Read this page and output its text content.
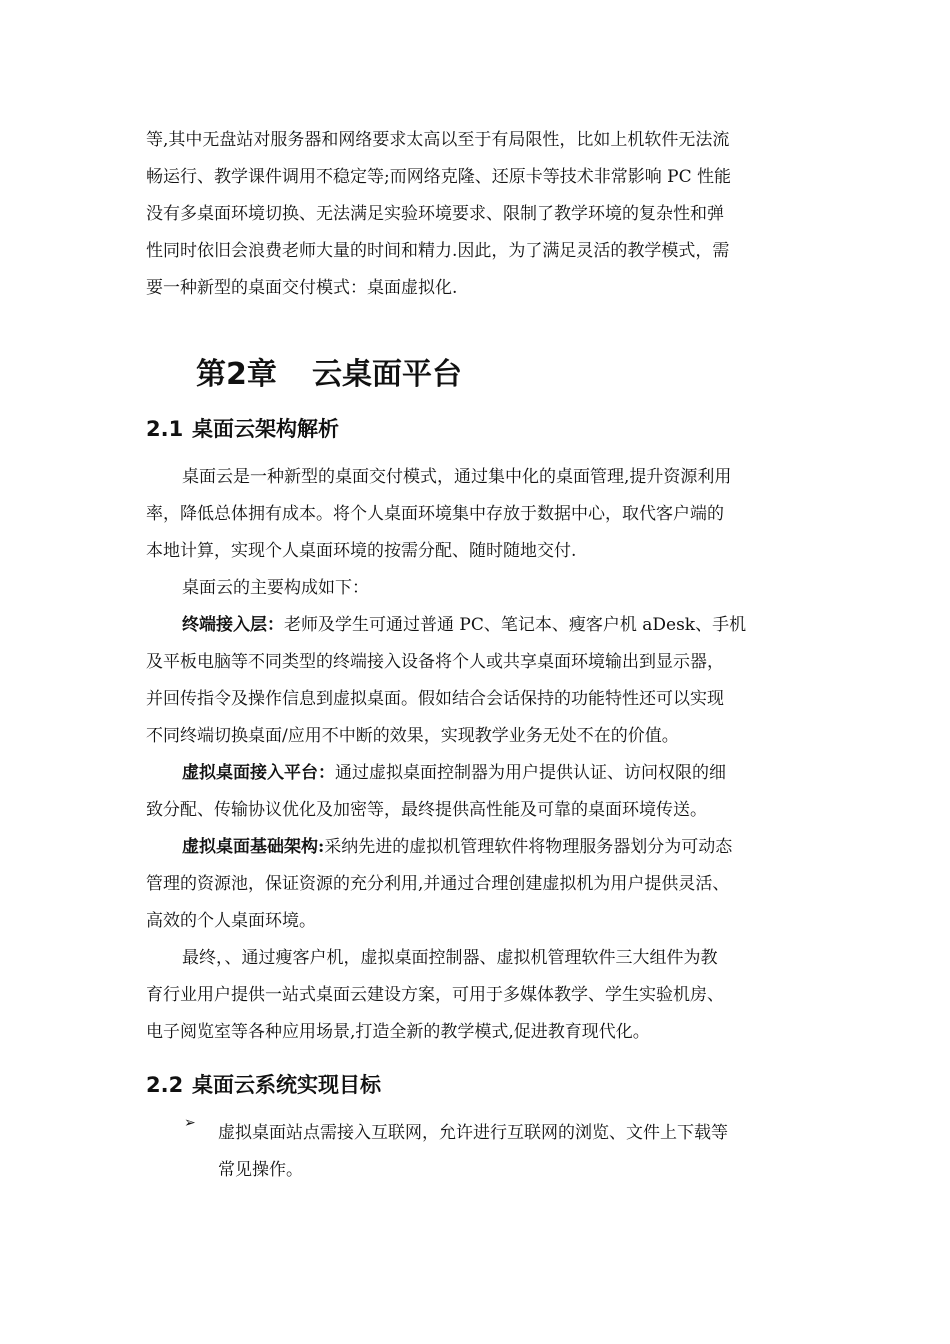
等,其中无盘站对服务器和网络要求太高以至于有局限性，比如上机软件无法流

畅运行、教学课件调用不稳定等;而网络克隆、还原卡等技术非常影响 PC 性能

没有多桌面环境切换、无法满足实验环境要求、限制了教学环境的复杂性和弹

性同时依旧会浪费老师大量的时间和精力.因此，为了满足灵活的教学模式，需

要一种新型的桌面交付模式：桌面虚拟化.

第2章 云桌面平台
2.1 桌面云架构解析

桌面云是一种新型的桌面交付模式，通过集中化的桌面管理,提升资源利用

率，降低总体拥有成本。将个人桌面环境集中存放于数据中心，取代客户端的

本地计算，实现个人桌面环境的按需分配、随时随地交付.

桌面云的主要构成如下：

终端接入层：老师及学生可通过普通 PC、笔记本、瘦客户机 aDesk、手机

及平板电脑等不同类型的终端接入设备将个人或共享桌面环境输出到显示器，

并回传指令及操作信息到虚拟桌面。假如结合会话保持的功能特性还可以实现

不同终端切换桌面/应用不中断的效果，实现教学业务无处不在的价值。

虚拟桌面接入平台：通过虚拟桌面控制器为用户提供认证、访问权限的细

致分配、传输协议优化及加密等，最终提供高性能及可靠的桌面环境传送。

虚拟桌面基础架构:采纳先进的虚拟机管理软件将物理服务器划分为可动态

管理的资源池，保证资源的充分利用,并通过合理创建虚拟机为用户提供灵活、

高效的个人桌面环境。

最终，、通过瘦客户机，虚拟桌面控制器、虚拟机管理软件三大组件为教

育行业用户提供一站式桌面云建设方案，可用于多媒体教学、学生实验机房、

电子阅览室等各种应用场景,打造全新的教学模式,促进教育现代化。

2.2 桌面云系统实现目标
➢ 虚拟桌面站点需接入互联网，允许进行互联网的浏览、文件上下载等

常见操作。
